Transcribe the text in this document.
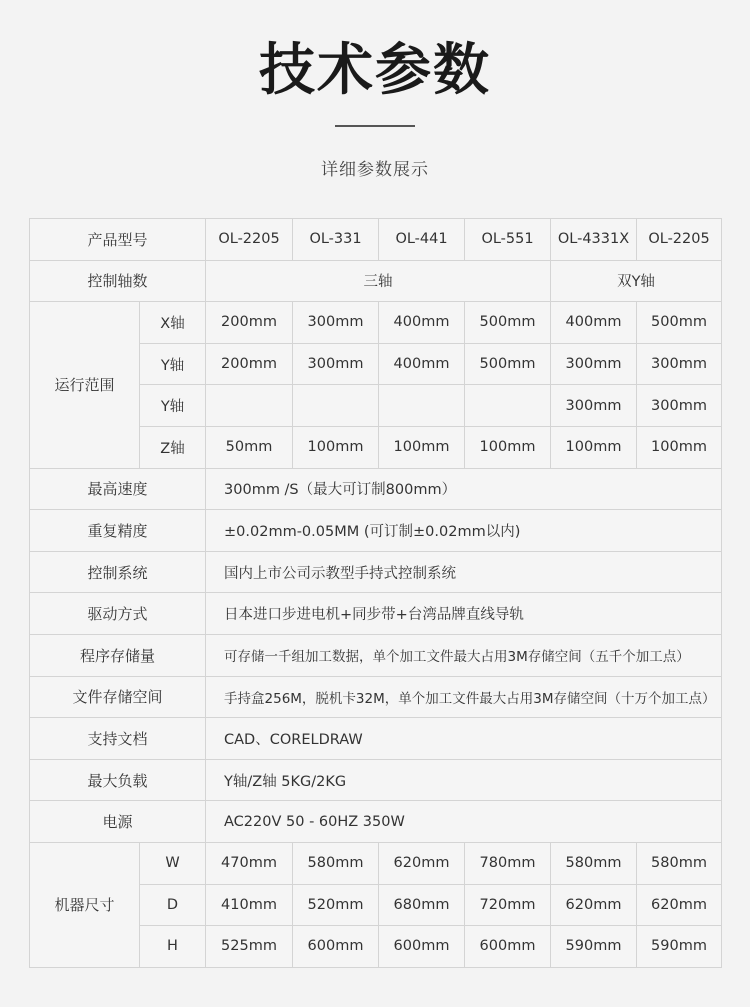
技术参数
详细参数展示
产品型号		OL-2205	OL-331	OL-441	OL-551	OL-4331X	OL-2205
控制轴数		三轴				双Y轴	
运行范围	X轴	200mm	300mm	400mm	500mm	400mm	500mm
	Y轴	200mm	300mm	400mm	500mm	300mm	300mm
	Y轴					300mm	300mm
	Z轴	50mm	100mm	100mm	100mm	100mm	100mm
最高速度		300mm /S（最大可订制800mm）					
重复精度		±0.02mm-0.05MM (可订制±0.02mm以内)					
控制系统		国内上市公司示教型手持式控制系统					
驱动方式		日本进口步进电机+同步带+台湾品牌直线导轨					
程序存储量		可存储一千组加工数据，单个加工文件最大占用3M存储空间（五千个加工点）					
文件存储空间		手持盒256M，脱机卡32M，单个加工文件最大占用3M存储空间（十万个加工点）					
支持文档		CAD、CORELDRAW					
最大负载		Y轴/Z轴 5KG/2KG					
电源		AC220V 50 - 60HZ 350W					
机器尺寸	W	470mm	580mm	620mm	780mm	580mm	580mm
	D	410mm	520mm	680mm	720mm	620mm	620mm
	H	525mm	600mm	600mm	600mm	590mm	590mm
